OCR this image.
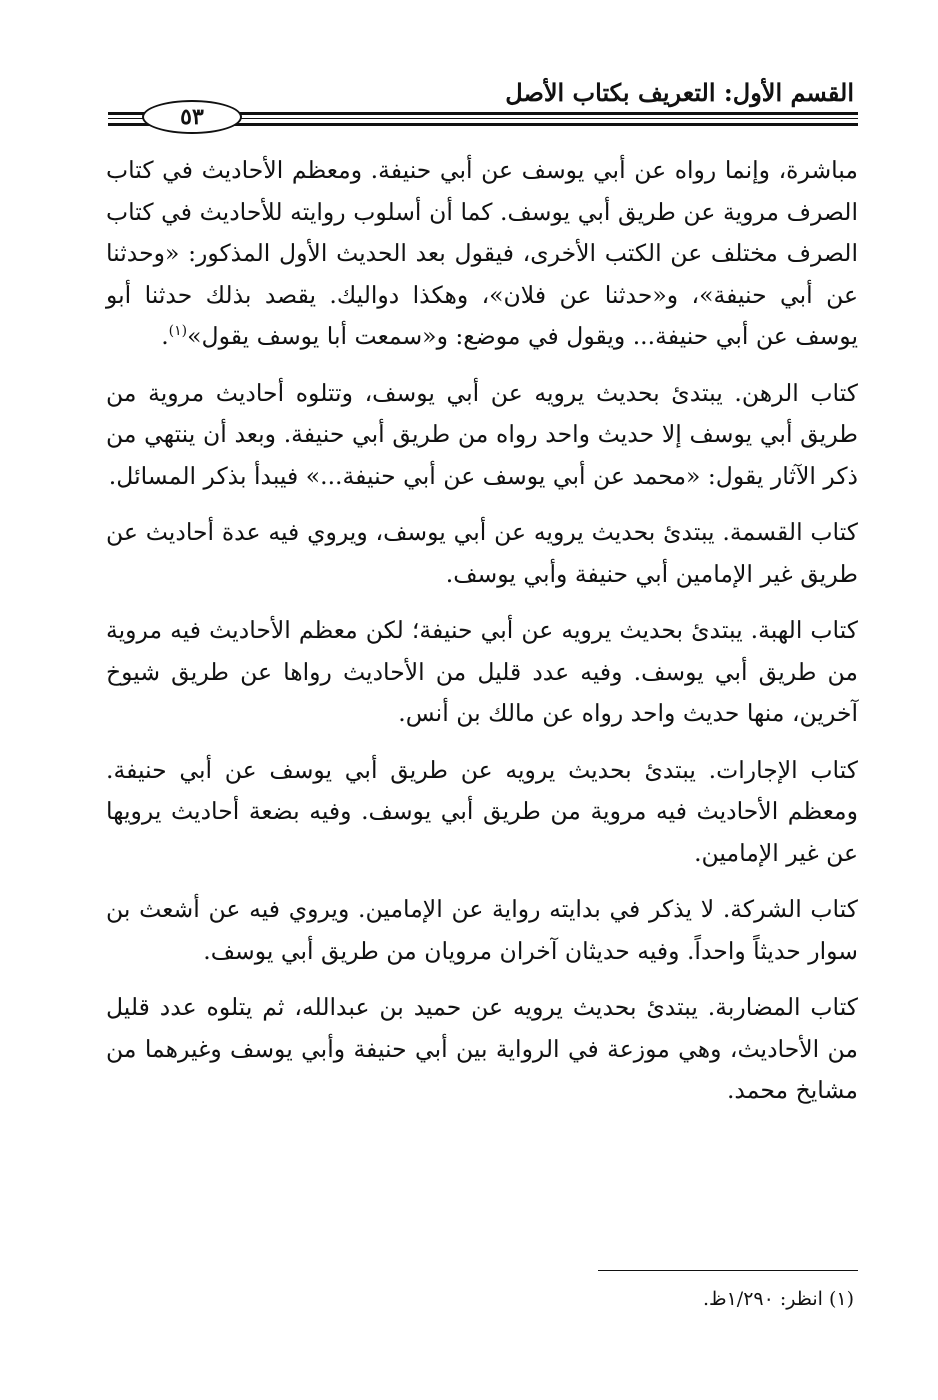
القسم الأول: التعريف بكتاب الأصل
٥٣

مباشرة، وإنما رواه عن أبي يوسف عن أبي حنيفة. ومعظم الأحاديث في كتاب الصرف مروية عن طريق أبي يوسف. كما أن أسلوب روايته للأحاديث في كتاب الصرف مختلف عن الكتب الأخرى، فيقول بعد الحديث الأول المذكور: «وحدثنا عن أبي حنيفة»، و«حدثنا عن فلان»، وهكذا دواليك. يقصد بذلك حدثنا أبو يوسف عن أبي حنيفة... ويقول في موضع: و«سمعت أبا يوسف يقول»$^{(١)}$.

كتاب الرهن. يبتدئ بحديث يرويه عن أبي يوسف، وتتلوه أحاديث مروية من طريق أبي يوسف إلا حديث واحد رواه من طريق أبي حنيفة. وبعد أن ينتهي من ذكر الآثار يقول: «محمد عن أبي يوسف عن أبي حنيفة...» فيبدأ بذكر المسائل.

كتاب القسمة. يبتدئ بحديث يرويه عن أبي يوسف، ويروي فيه عدة أحاديث عن طريق غير الإمامين أبي حنيفة وأبي يوسف.

كتاب الهبة. يبتدئ بحديث يرويه عن أبي حنيفة؛ لكن معظم الأحاديث فيه مروية من طريق أبي يوسف. وفيه عدد قليل من الأحاديث رواها عن طريق شيوخ آخرين، منها حديث واحد رواه عن مالك بن أنس.

كتاب الإجارات. يبتدئ بحديث يرويه عن طريق أبي يوسف عن أبي حنيفة. ومعظم الأحاديث فيه مروية من طريق أبي يوسف. وفيه بضعة أحاديث يرويها عن غير الإمامين.

كتاب الشركة. لا يذكر في بدايته رواية عن الإمامين. ويروي فيه عن أشعث بن سوار حديثاً واحداً. وفيه حديثان آخران مرويان من طريق أبي يوسف.

كتاب المضاربة. يبتدئ بحديث يرويه عن حميد بن عبدالله، ثم يتلوه عدد قليل من الأحاديث، وهي موزعة في الرواية بين أبي حنيفة وأبي يوسف وغيرهما من مشايخ محمد.

(١) انظر: ١/٢٩٠ظ.
